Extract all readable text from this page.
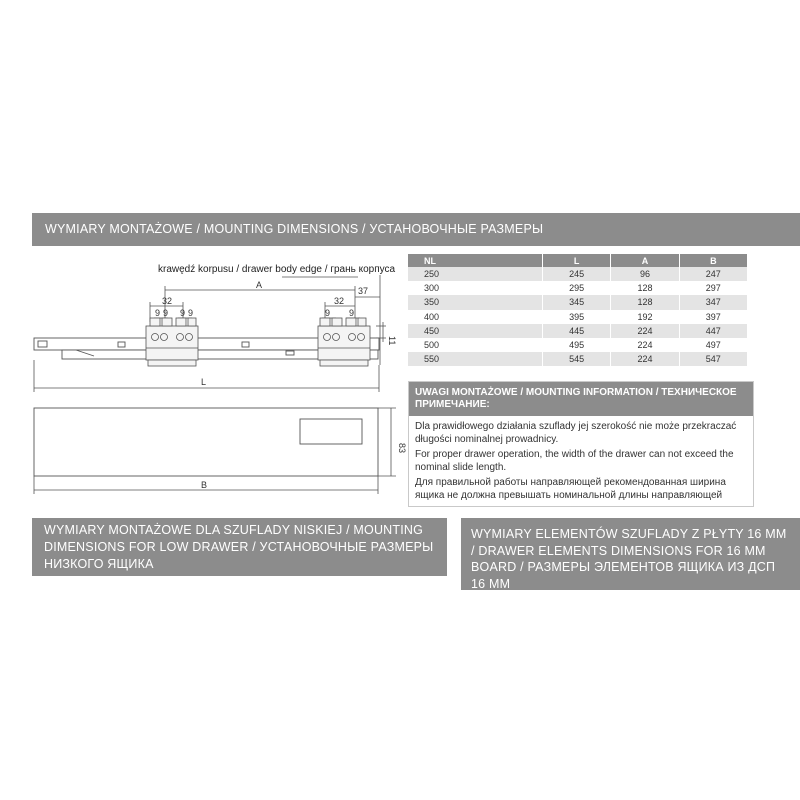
WYMIARY MONTAŻOWE / MOUNTING DIMENSIONS / УСТАНОВОЧНЫЕ РАЗМЕРЫ
krawędź korpusu / drawer body edge / грань корпуса
A
32	32
37
9 9 9 9	9 9
11
L
B
83
NL	L	A	B
250	245	96	247
300	295	128	297
350	345	128	347
400	395	192	397
450	445	224	447
500	495	224	497
550	545	224	547
UWAGI MONTAŻOWE / MOUNTING INFORMATION / ТЕХНИЧЕСКОЕ ПРИМЕЧАНИЕ:

Dla prawidłowego działania szuflady jej szerokość nie może przekraczać długości nominalnej prowadnicy.

For proper drawer operation, the width of the drawer can not exceed the nominal slide length.

Для правильной работы направляющей рекомендованная ширина ящика не должна превышать номинальной длины направляющей

WYMIARY MONTAŻOWE DLA SZUFLADY NISKIEJ / MOUNTING DIMENSIONS FOR LOW DRAWER / УСТАНОВОЧНЫЕ РАЗМЕРЫ НИЗКОГО ЯЩИКА
WYMIARY ELEMENTÓW SZUFLADY Z PŁYTY 16 MM / DRAWER ELEMENTS DIMENSIONS FOR 16 MM BOARD / РАЗМЕРЫ ЭЛЕМЕНТОВ ЯЩИКА ИЗ ДСП 16 ММ
